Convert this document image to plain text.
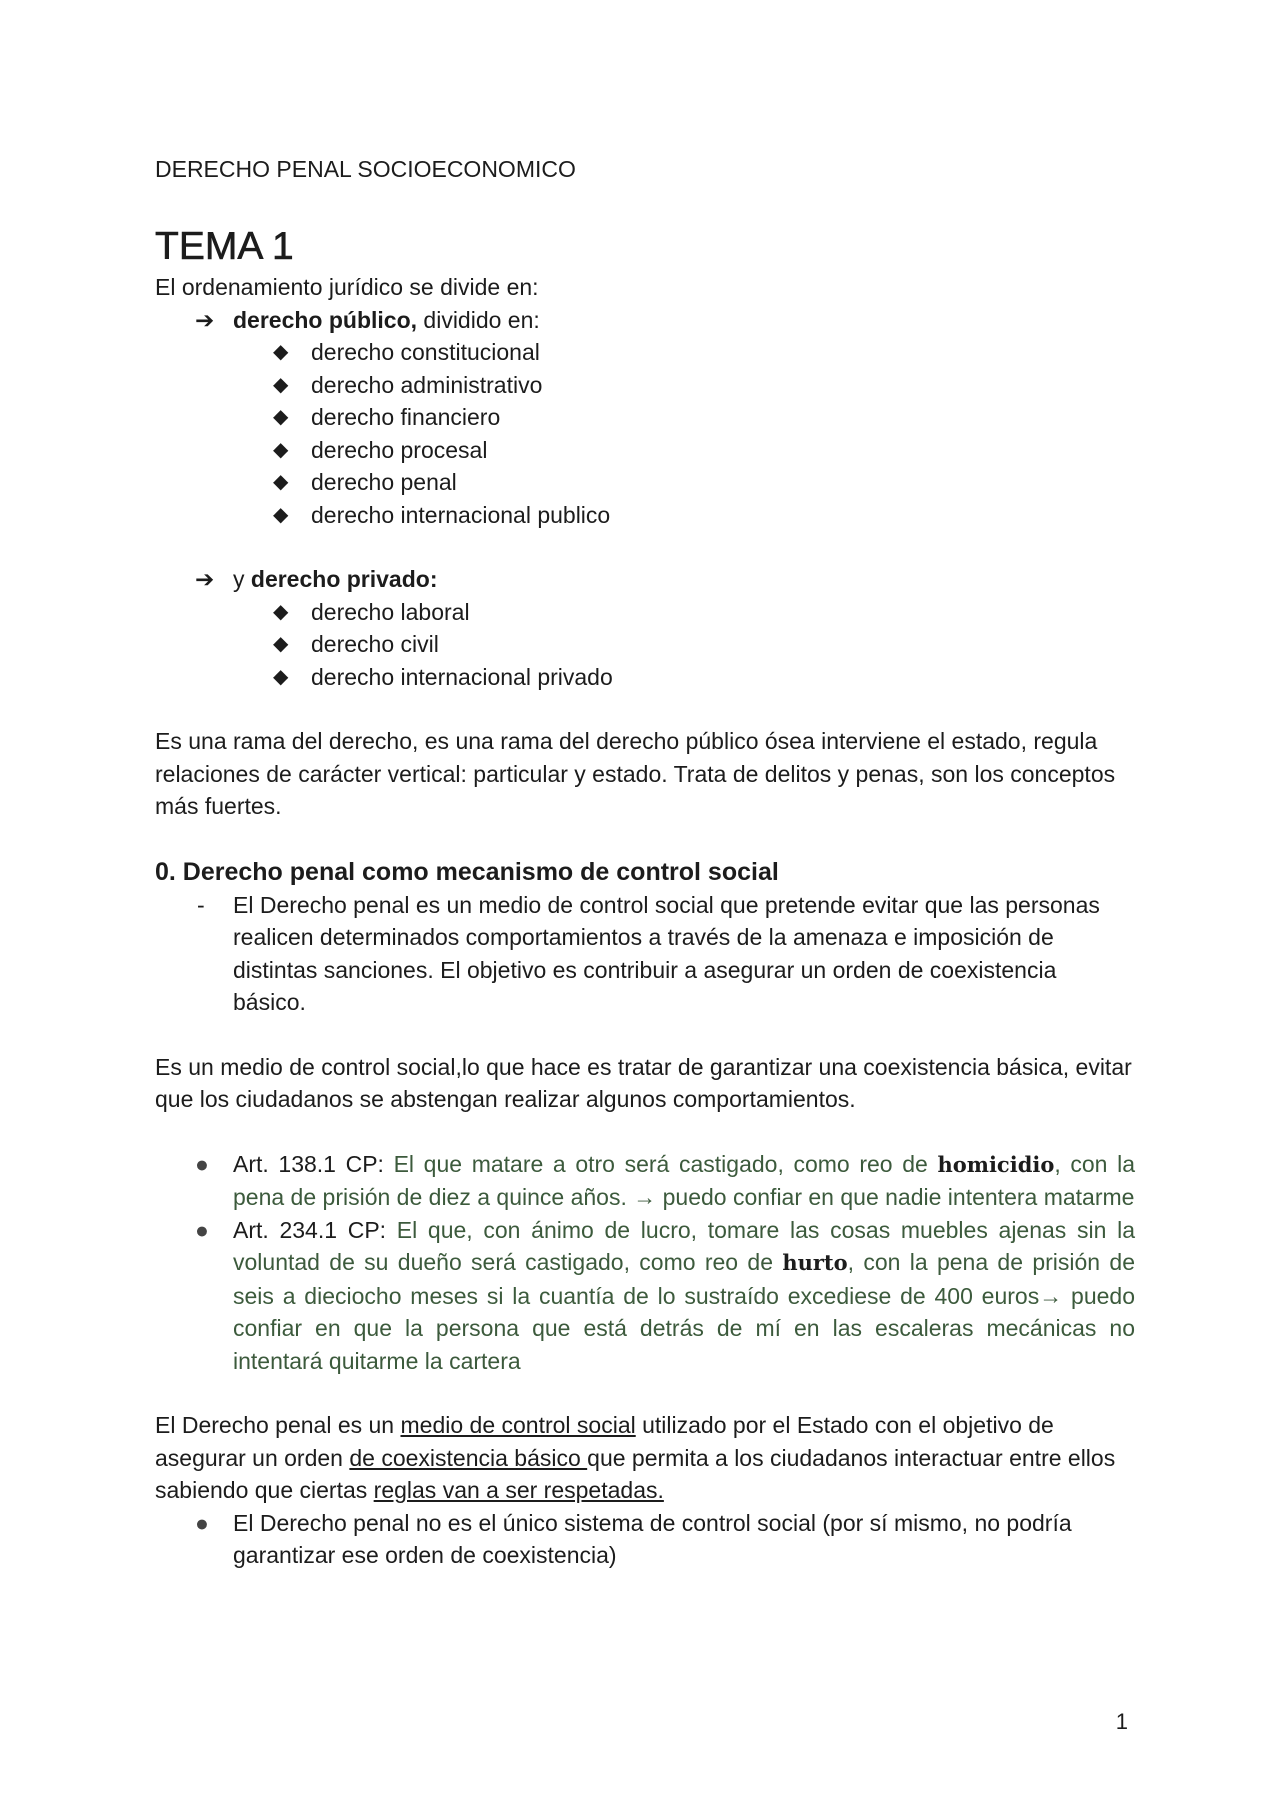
DERECHO PENAL SOCIOECONOMICO

TEMA 1

El ordenamiento jurídico se divide en:

➔ derecho público, dividido en:
◆ derecho constitucional
◆ derecho administrativo
◆ derecho financiero
◆ derecho procesal
◆ derecho penal
◆ derecho internacional publico
➔ y derecho privado:
◆ derecho laboral
◆ derecho civil
◆ derecho internacional privado

Es una rama del derecho, es una rama del derecho público ósea interviene el estado, regula relaciones de carácter vertical: particular y estado. Trata de delitos y penas, son los conceptos más fuertes.

0. Derecho penal como mecanismo de control social
- El Derecho penal es un medio de control social que pretende evitar que las personas realicen determinados comportamientos a través de la amenaza e imposición de distintas sanciones. El objetivo es contribuir a asegurar un orden de coexistencia básico.

Es un medio de control social,lo que hace es tratar de garantizar una coexistencia básica, evitar que los ciudadanos se abstengan realizar algunos comportamientos.

● Art. 138.1 CP: El que matare a otro será castigado, como reo de homicidio, con la pena de prisión de diez a quince años. → puedo confiar en que nadie intentera matarme
● Art. 234.1 CP: El que, con ánimo de lucro, tomare las cosas muebles ajenas sin la voluntad de su dueño será castigado, como reo de hurto, con la pena de prisión de seis a dieciocho meses si la cuantía de lo sustraído excediese de 400 euros→ puedo confiar en que la persona que está detrás de mí en las escaleras mecánicas no intentará quitarme la cartera

El Derecho penal es un medio de control social utilizado por el Estado con el objetivo de asegurar un orden de coexistencia básico que permita a los ciudadanos interactuar entre ellos sabiendo que ciertas reglas van a ser respetadas.

● El Derecho penal no es el único sistema de control social (por sí mismo, no podría garantizar ese orden de coexistencia)
1
